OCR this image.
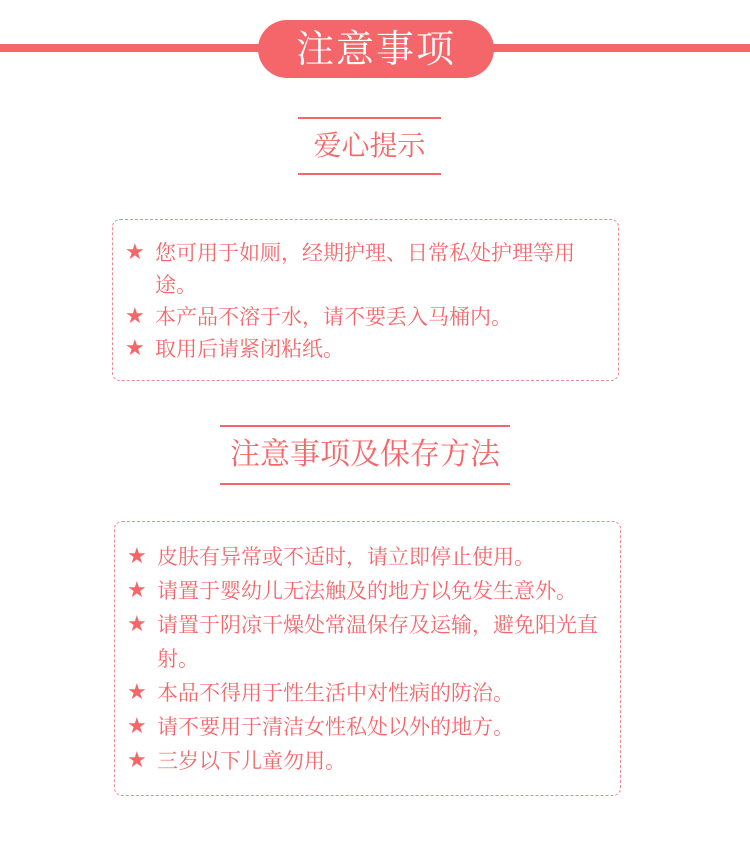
注意事项
爱心提示
★ 您可用于如厕，经期护理、日常私处护理等用途。
★ 本产品不溶于水，请不要丢入马桶内。
★ 取用后请紧闭粘纸。
注意事项及保存方法
★ 皮肤有异常或不适时，请立即停止使用。
★ 请置于婴幼儿无法触及的地方以免发生意外。
★ 请置于阴凉干燥处常温保存及运输，避免阳光直射。
★ 本品不得用于性生活中对性病的防治。
★ 请不要用于清洁女性私处以外的地方。
★ 三岁以下儿童勿用。
